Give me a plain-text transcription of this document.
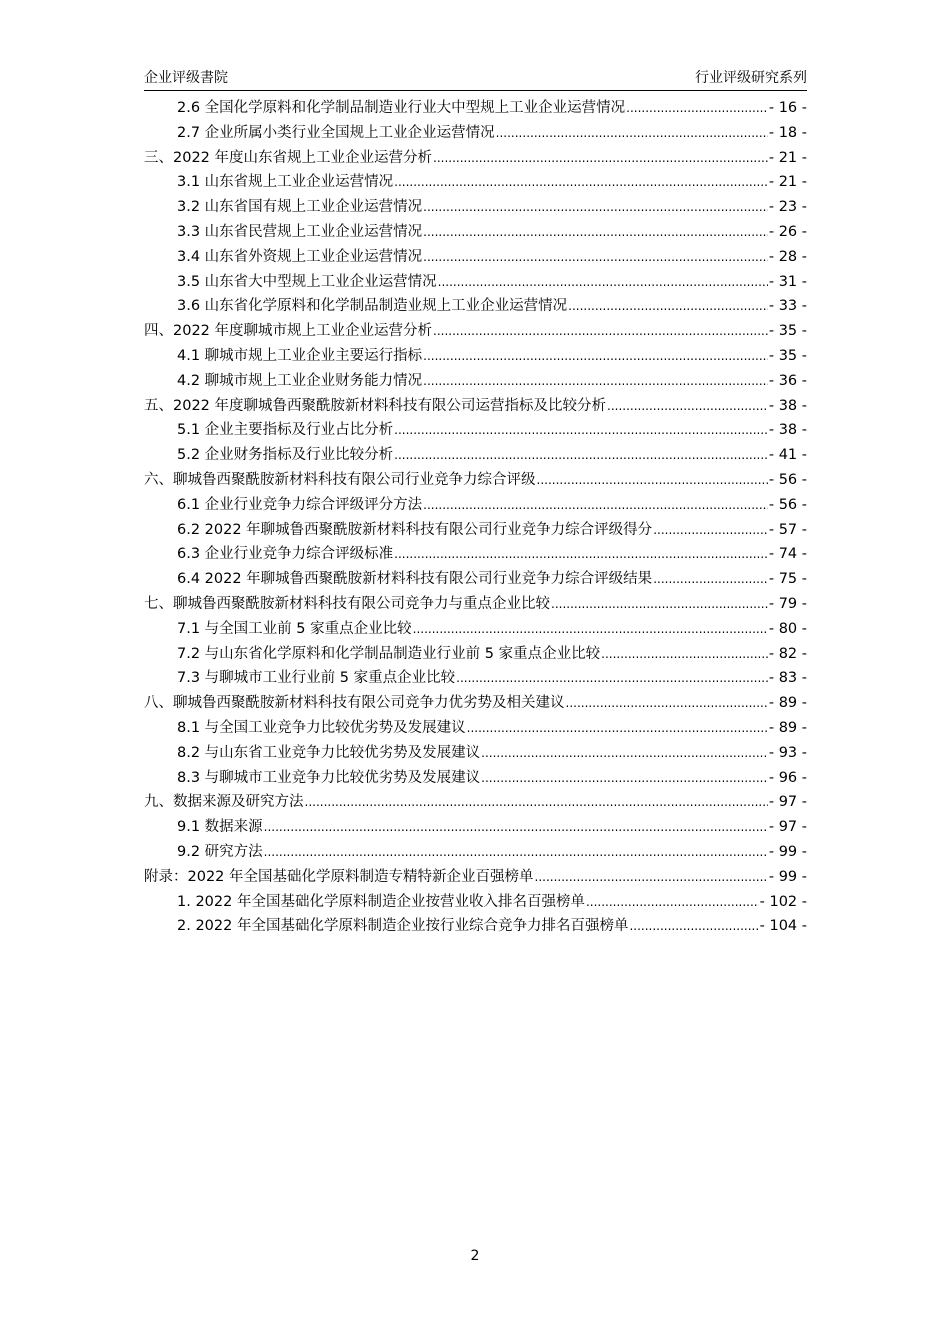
企业评级書院	行业评级研究系列
2.6 全国化学原料和化学制品制造业行业大中型规上工业企业运营情况 .....	- 16 -
2.7 企业所属小类行业全国规上工业企业运营情况 .....	- 18 -
三、2022 年度山东省规上工业企业运营分析 .....	- 21 -
3.1 山东省规上工业企业运营情况 .....	- 21 -
3.2 山东省国有规上工业企业运营情况 .....	- 23 -
3.3 山东省民营规上工业企业运营情况 .....	- 26 -
3.4 山东省外资规上工业企业运营情况 .....	- 28 -
3.5 山东省大中型规上工业企业运营情况 .....	- 31 -
3.6 山东省化学原料和化学制品制造业规上工业企业运营情况 .....	- 33 -
四、2022 年度聊城市规上工业企业运营分析 .....	- 35 -
4.1 聊城市规上工业企业主要运行指标 .....	- 35 -
4.2 聊城市规上工业企业财务能力情况 .....	- 36 -
五、2022 年度聊城鲁西聚酰胺新材料科技有限公司运营指标及比较分析 .....	- 38 -
5.1 企业主要指标及行业占比分析 .....	- 38 -
5.2 企业财务指标及行业比较分析 .....	- 41 -
六、聊城鲁西聚酰胺新材料科技有限公司行业竞争力综合评级 .....	- 56 -
6.1 企业行业竞争力综合评级评分方法 .....	- 56 -
6.2 2022 年聊城鲁西聚酰胺新材料科技有限公司行业竞争力综合评级得分 .....	- 57 -
6.3 企业行业竞争力综合评级标准 .....	- 74 -
6.4 2022 年聊城鲁西聚酰胺新材料科技有限公司行业竞争力综合评级结果 .....	- 75 -
七、聊城鲁西聚酰胺新材料科技有限公司竞争力与重点企业比较 .....	- 79 -
7.1 与全国工业前 5 家重点企业比较 .....	- 80 -
7.2 与山东省化学原料和化学制品制造业行业前 5 家重点企业比较 .....	- 82 -
7.3 与聊城市工业行业前 5 家重点企业比较 .....	- 83 -
八、聊城鲁西聚酰胺新材料科技有限公司竞争力优劣势及相关建议 .....	- 89 -
8.1 与全国工业竞争力比较优劣势及发展建议 .....	- 89 -
8.2 与山东省工业竞争力比较优劣势及发展建议 .....	- 93 -
8.3 与聊城市工业竞争力比较优劣势及发展建议 .....	- 96 -
九、数据来源及研究方法 .....	- 97 -
9.1 数据来源 .....	- 97 -
9.2 研究方法 .....	- 99 -
附录：2022 年全国基础化学原料制造专精特新企业百强榜单 .....	- 99 -
1. 2022 年全国基础化学原料制造企业按营业收入排名百强榜单 .....	- 102 -
2. 2022 年全国基础化学原料制造企业按行业综合竞争力排名百强榜单 .....	- 104 -
2
